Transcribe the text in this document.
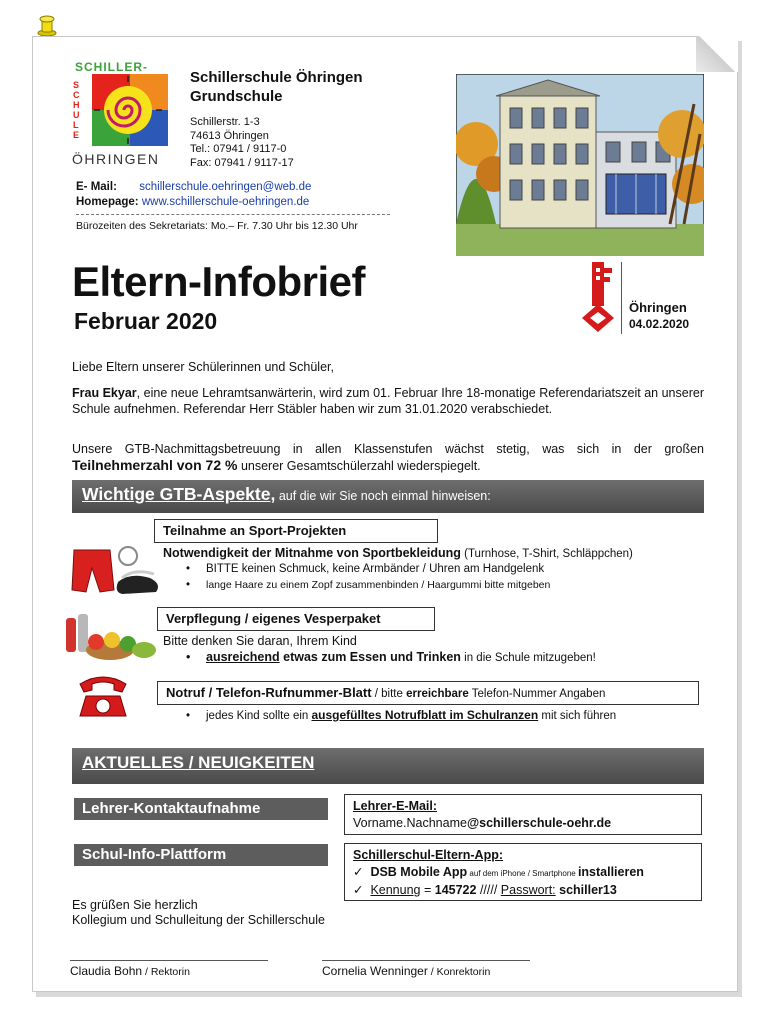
SCHILLER-
SCHULE
ÖHRINGEN
Schillerschule Öhringen
Grundschule
Schillerstr. 1-3
74613 Öhringen
Tel.: 07941 / 9117-0
Fax: 07941 / 9117-17
E- Mail: schillerschule.oehringen@web.de
Homepage: www.schillerschule-oehringen.de
Bürozeiten des Sekretariats: Mo.– Fr. 7.30 Uhr bis 12.30 Uhr
Eltern-Infobrief
Februar 2020
Öhringen
04.02.2020
Liebe Eltern unserer Schülerinnen und Schüler,
Frau Ekyar, eine neue Lehramtsanwärterin, wird zum 01. Februar Ihre 18-monatige Referendariatszeit an unserer Schule aufnehmen. Referendar Herr Stäbler haben wir zum 31.01.2020 verabschiedet.
Unsere GTB-Nachmittagsbetreuung in allen Klassenstufen wächst stetig, was sich in der großen Teilnehmerzahl von 72 % unserer Gesamtschülerzahl wiederspiegelt.
Wichtige GTB-Aspekte, auf die wir Sie noch einmal hinweisen:
Teilnahme an Sport-Projekten
Notwendigkeit der Mitnahme von Sportbekleidung (Turnhose, T-Shirt, Schläppchen)
• BITTE keinen Schmuck, keine Armbänder / Uhren am Handgelenk
• lange Haare zu einem Zopf zusammenbinden / Haargummi bitte mitgeben
Verpflegung / eigenes Vesperpaket
Bitte denken Sie daran, Ihrem Kind
• ausreichend etwas zum Essen und Trinken in die Schule mitzugeben!
Notruf / Telefon-Rufnummer-Blatt / bitte erreichbare Telefon-Nummer Angaben
• jedes Kind sollte ein ausgefülltes Notrufblatt im Schulranzen mit sich führen
AKTUELLES / NEUIGKEITEN
Lehrer-Kontaktaufnahme	Lehrer-E-Mail:
Vorname.Nachname@schillerschule-oehr.de
Schul-Info-Plattform	Schillerschul-Eltern-App:
✓ DSB Mobile App auf dem iPhone / Smartphone installieren
✓ Kennung = 145722 ///// Passwort: schiller13
Es grüßen Sie herzlich
Kollegium und Schulleitung der Schillerschule
Claudia Bohn / Rektorin	Cornelia Wenninger / Konrektorin
